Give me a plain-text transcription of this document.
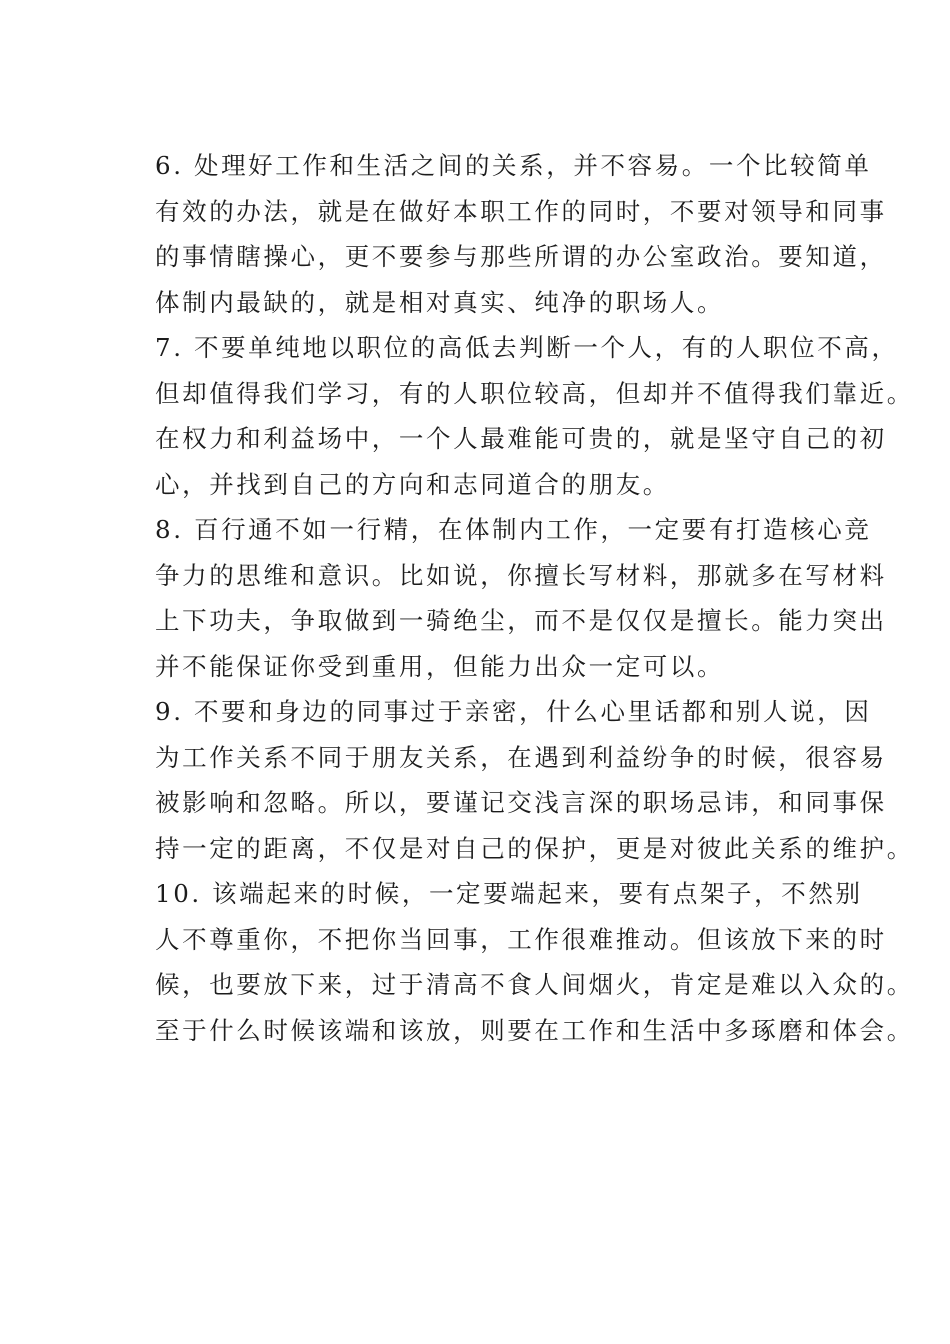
6. 处理好工作和生活之间的关系，并不容易。一个比较简单
有效的办法，就是在做好本职工作的同时，不要对领导和同事
的事情瞎操心，更不要参与那些所谓的办公室政治。要知道，
体制内最缺的，就是相对真实、纯净的职场人。

7. 不要单纯地以职位的高低去判断一个人，有的人职位不高，
但却值得我们学习，有的人职位较高，但却并不值得我们靠近。
在权力和利益场中，一个人最难能可贵的，就是坚守自己的初
心，并找到自己的方向和志同道合的朋友。

8. 百行通不如一行精，在体制内工作，一定要有打造核心竞
争力的思维和意识。比如说，你擅长写材料，那就多在写材料
上下功夫，争取做到一骑绝尘，而不是仅仅是擅长。能力突出
并不能保证你受到重用，但能力出众一定可以。

9. 不要和身边的同事过于亲密，什么心里话都和别人说，因
为工作关系不同于朋友关系，在遇到利益纷争的时候，很容易
被影响和忽略。所以，要谨记交浅言深的职场忌讳，和同事保
持一定的距离，不仅是对自己的保护，更是对彼此关系的维护。

10. 该端起来的时候，一定要端起来，要有点架子，不然别
人不尊重你，不把你当回事，工作很难推动。但该放下来的时
候，也要放下来，过于清高不食人间烟火，肯定是难以入众的。
至于什么时候该端和该放，则要在工作和生活中多琢磨和体会。
